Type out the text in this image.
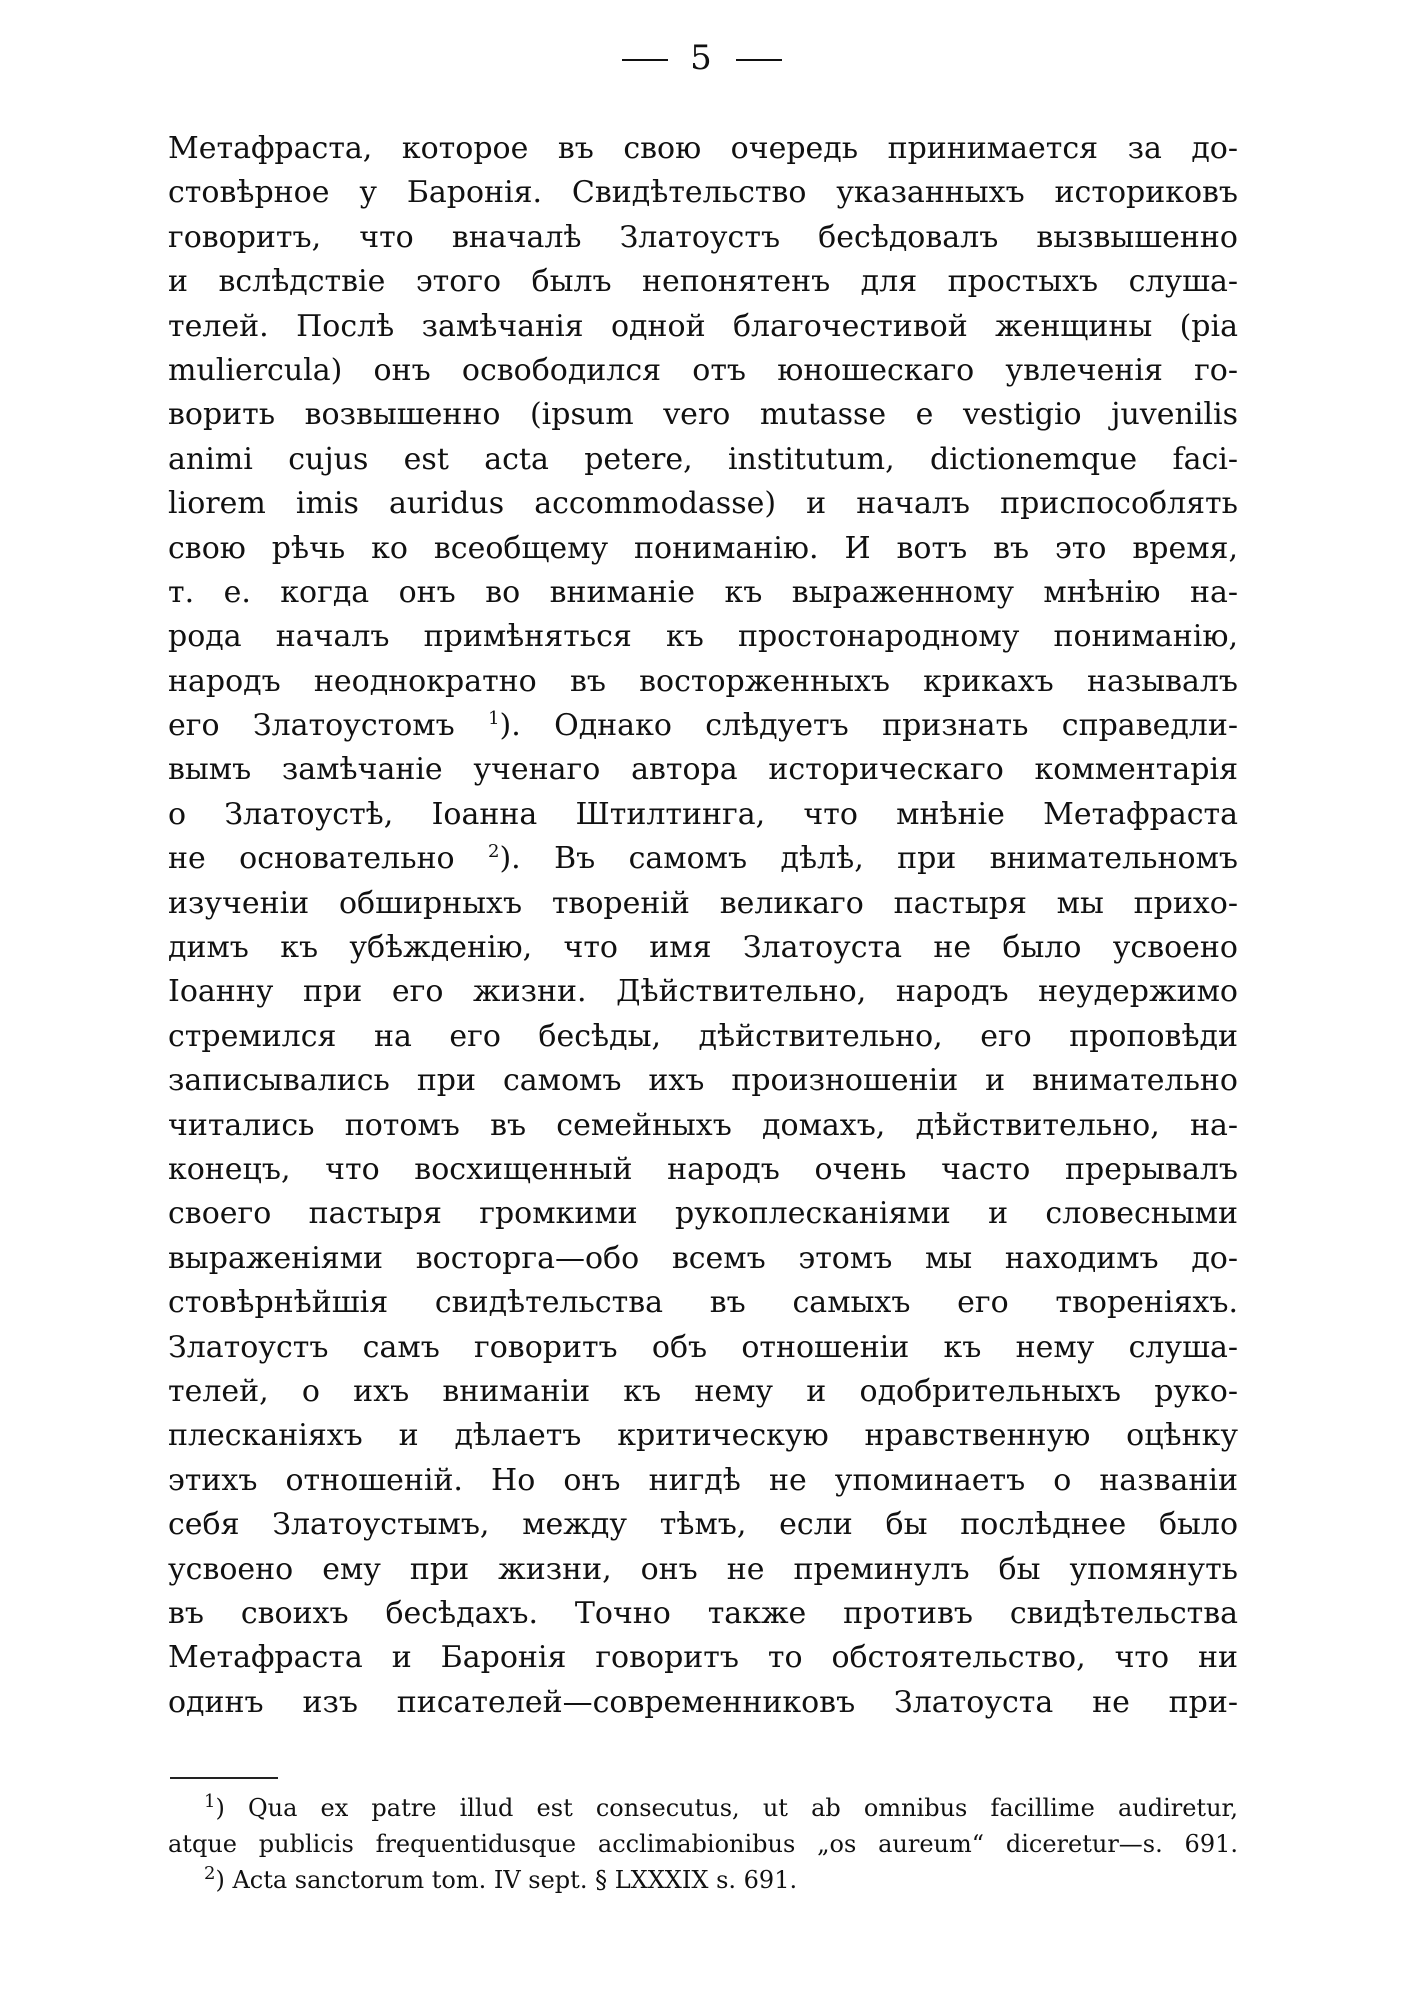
5
Метафраста, которое въ свою очередь принимается за до-
стовѣрное у Баронія. Свидѣтельство указанныхъ историковъ
говоритъ, что вначалѣ Златоустъ бесѣдовалъ вызвышенно
и вслѣдствіе этого былъ непонятенъ для простыхъ слуша-
телей. Послѣ замѣчанія одной благочестивой женщины (pia
muliercula) онъ освободился отъ юношескаго увлеченія го-
ворить возвышенно (ipsum vero mutasse e vestigio juvenilis
animi cujus est acta petere, institutum, dictionemque faci-
liorem imis auridus accommodasse) и началъ приспособлять
свою рѣчь ко всеобщему пониманію. И вотъ въ это время,
т. е. когда онъ во вниманіе къ выраженному мнѣнію на-
рода началъ примѣняться къ простонародному пониманію,
народъ неоднократно въ восторженныхъ крикахъ называлъ
его Златоустомъ $^1$). Однако слѣдуетъ признать справедли-
вымъ замѣчаніе ученаго автора историческаго комментарія
о Златоустѣ, Іоанна Штилтинга, что мнѣніе Метафраста
не основательно $^2$). Въ самомъ дѣлѣ, при внимательномъ
изученіи обширныхъ твореній великаго пастыря мы прихо-
димъ къ убѣжденію, что имя Златоуста не было усвоено
Іоанну при его жизни. Дѣйствительно, народъ неудержимо
стремился на его бесѣды, дѣйствительно, его проповѣди
записывались при самомъ ихъ произношеніи и внимательно
читались потомъ въ семейныхъ домахъ, дѣйствительно, на-
конецъ, что восхищенный народъ очень часто прерывалъ
своего пастыря громкими рукоплесканіями и словесными
выраженіями восторга—обо всемъ этомъ мы находимъ до-
стовѣрнѣйшія свидѣтельства въ самыхъ его твореніяхъ.
Златоустъ самъ говоритъ объ отношеніи къ нему слуша-
телей, о ихъ вниманіи къ нему и одобрительныхъ руко-
плесканіяхъ и дѣлаетъ критическую нравственную оцѣнку
этихъ отношеній. Но онъ нигдѣ не упоминаетъ о названіи
себя Златоустымъ, между тѣмъ, если бы послѣднее было
усвоено ему при жизни, онъ не преминулъ бы упомянуть
въ своихъ бесѣдахъ. Точно также противъ свидѣтельства
Метафраста и Баронія говоритъ то обстоятельство, что ни
одинъ изъ писателей—современниковъ Златоуста не при-
$^1$) Qua ex patre illud est consecutus, ut ab omnibus facillime audiretur,
atque publicis frequentidusque acclimabionibus „os aureum“ diceretur—s. 691.
$^2$) Acta sanctorum tom. IV sept. § LXXXIX s. 691.
